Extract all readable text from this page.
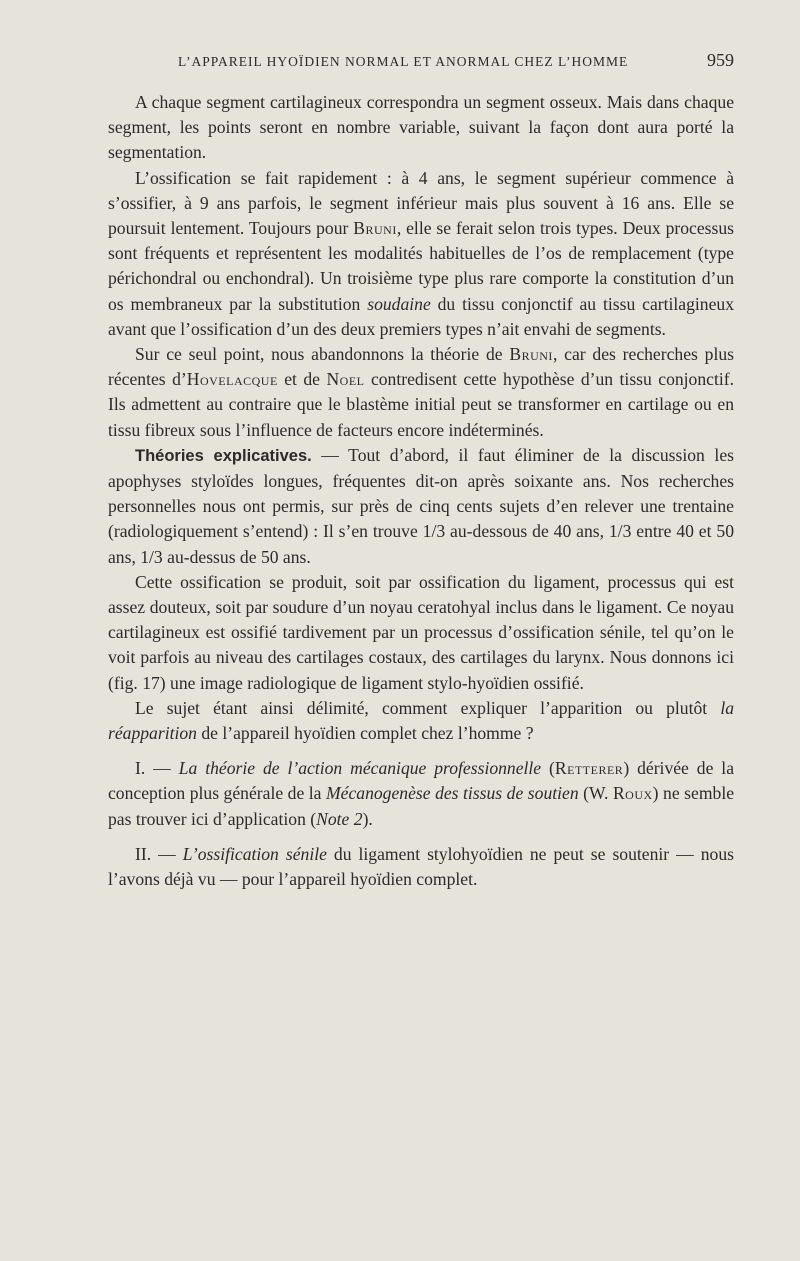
L’APPAREIL HYOÏDIEN NORMAL ET ANORMAL CHEZ L’HOMME	959

A chaque segment cartilagineux correspondra un segment osseux. Mais dans chaque segment, les points seront en nombre variable, suivant la façon dont aura porté la segmentation.

L’ossification se fait rapidement : à 4 ans, le segment supérieur commence à s’ossifier, à 9 ans parfois, le segment inférieur mais plus souvent à 16 ans. Elle se poursuit lentement. Toujours pour Bruni, elle se ferait selon trois types. Deux processus sont fréquents et représentent les modalités habituelles de l’os de remplacement (type périchondral ou enchondral). Un troisième type plus rare comporte la constitution d’un os membraneux par la substitution soudaine du tissu conjonctif au tissu cartilagineux avant que l’ossification d’un des deux premiers types n’ait envahi de segments.

Sur ce seul point, nous abandonnons la théorie de Bruni, car des recherches plus récentes d’Hovelacque et de Noel contredisent cette hypothèse d’un tissu conjonctif. Ils admettent au contraire que le blastème initial peut se transformer en cartilage ou en tissu fibreux sous l’influence de facteurs encore indéterminés.

Théories explicatives. — Tout d’abord, il faut éliminer de la discussion les apophyses styloïdes longues, fréquentes dit-on après soixante ans. Nos recherches personnelles nous ont permis, sur près de cinq cents sujets d’en relever une trentaine (radiologiquement s’entend) : Il s’en trouve 1/3 au-dessous de 40 ans, 1/3 entre 40 et 50 ans, 1/3 au-dessus de 50 ans.

Cette ossification se produit, soit par ossification du ligament, processus qui est assez douteux, soit par soudure d’un noyau ceratohyal inclus dans le ligament. Ce noyau cartilagineux est ossifié tardivement par un processus d’ossification sénile, tel qu’on le voit parfois au niveau des cartilages costaux, des cartilages du larynx. Nous donnons ici (fig. 17) une image radiologique de ligament stylo-hyoïdien ossifié.

Le sujet étant ainsi délimité, comment expliquer l’apparition ou plutôt la réapparition de l’appareil hyoïdien complet chez l’homme ?

I. — La théorie de l’action mécanique professionnelle (Retterer) dérivée de la conception plus générale de la Mécanogenèse des tissus de soutien (W. Roux) ne semble pas trouver ici d’application (Note 2).

II. — L’ossification sénile du ligament stylohyoïdien ne peut se soutenir — nous l’avons déjà vu — pour l’appareil hyoïdien complet.
